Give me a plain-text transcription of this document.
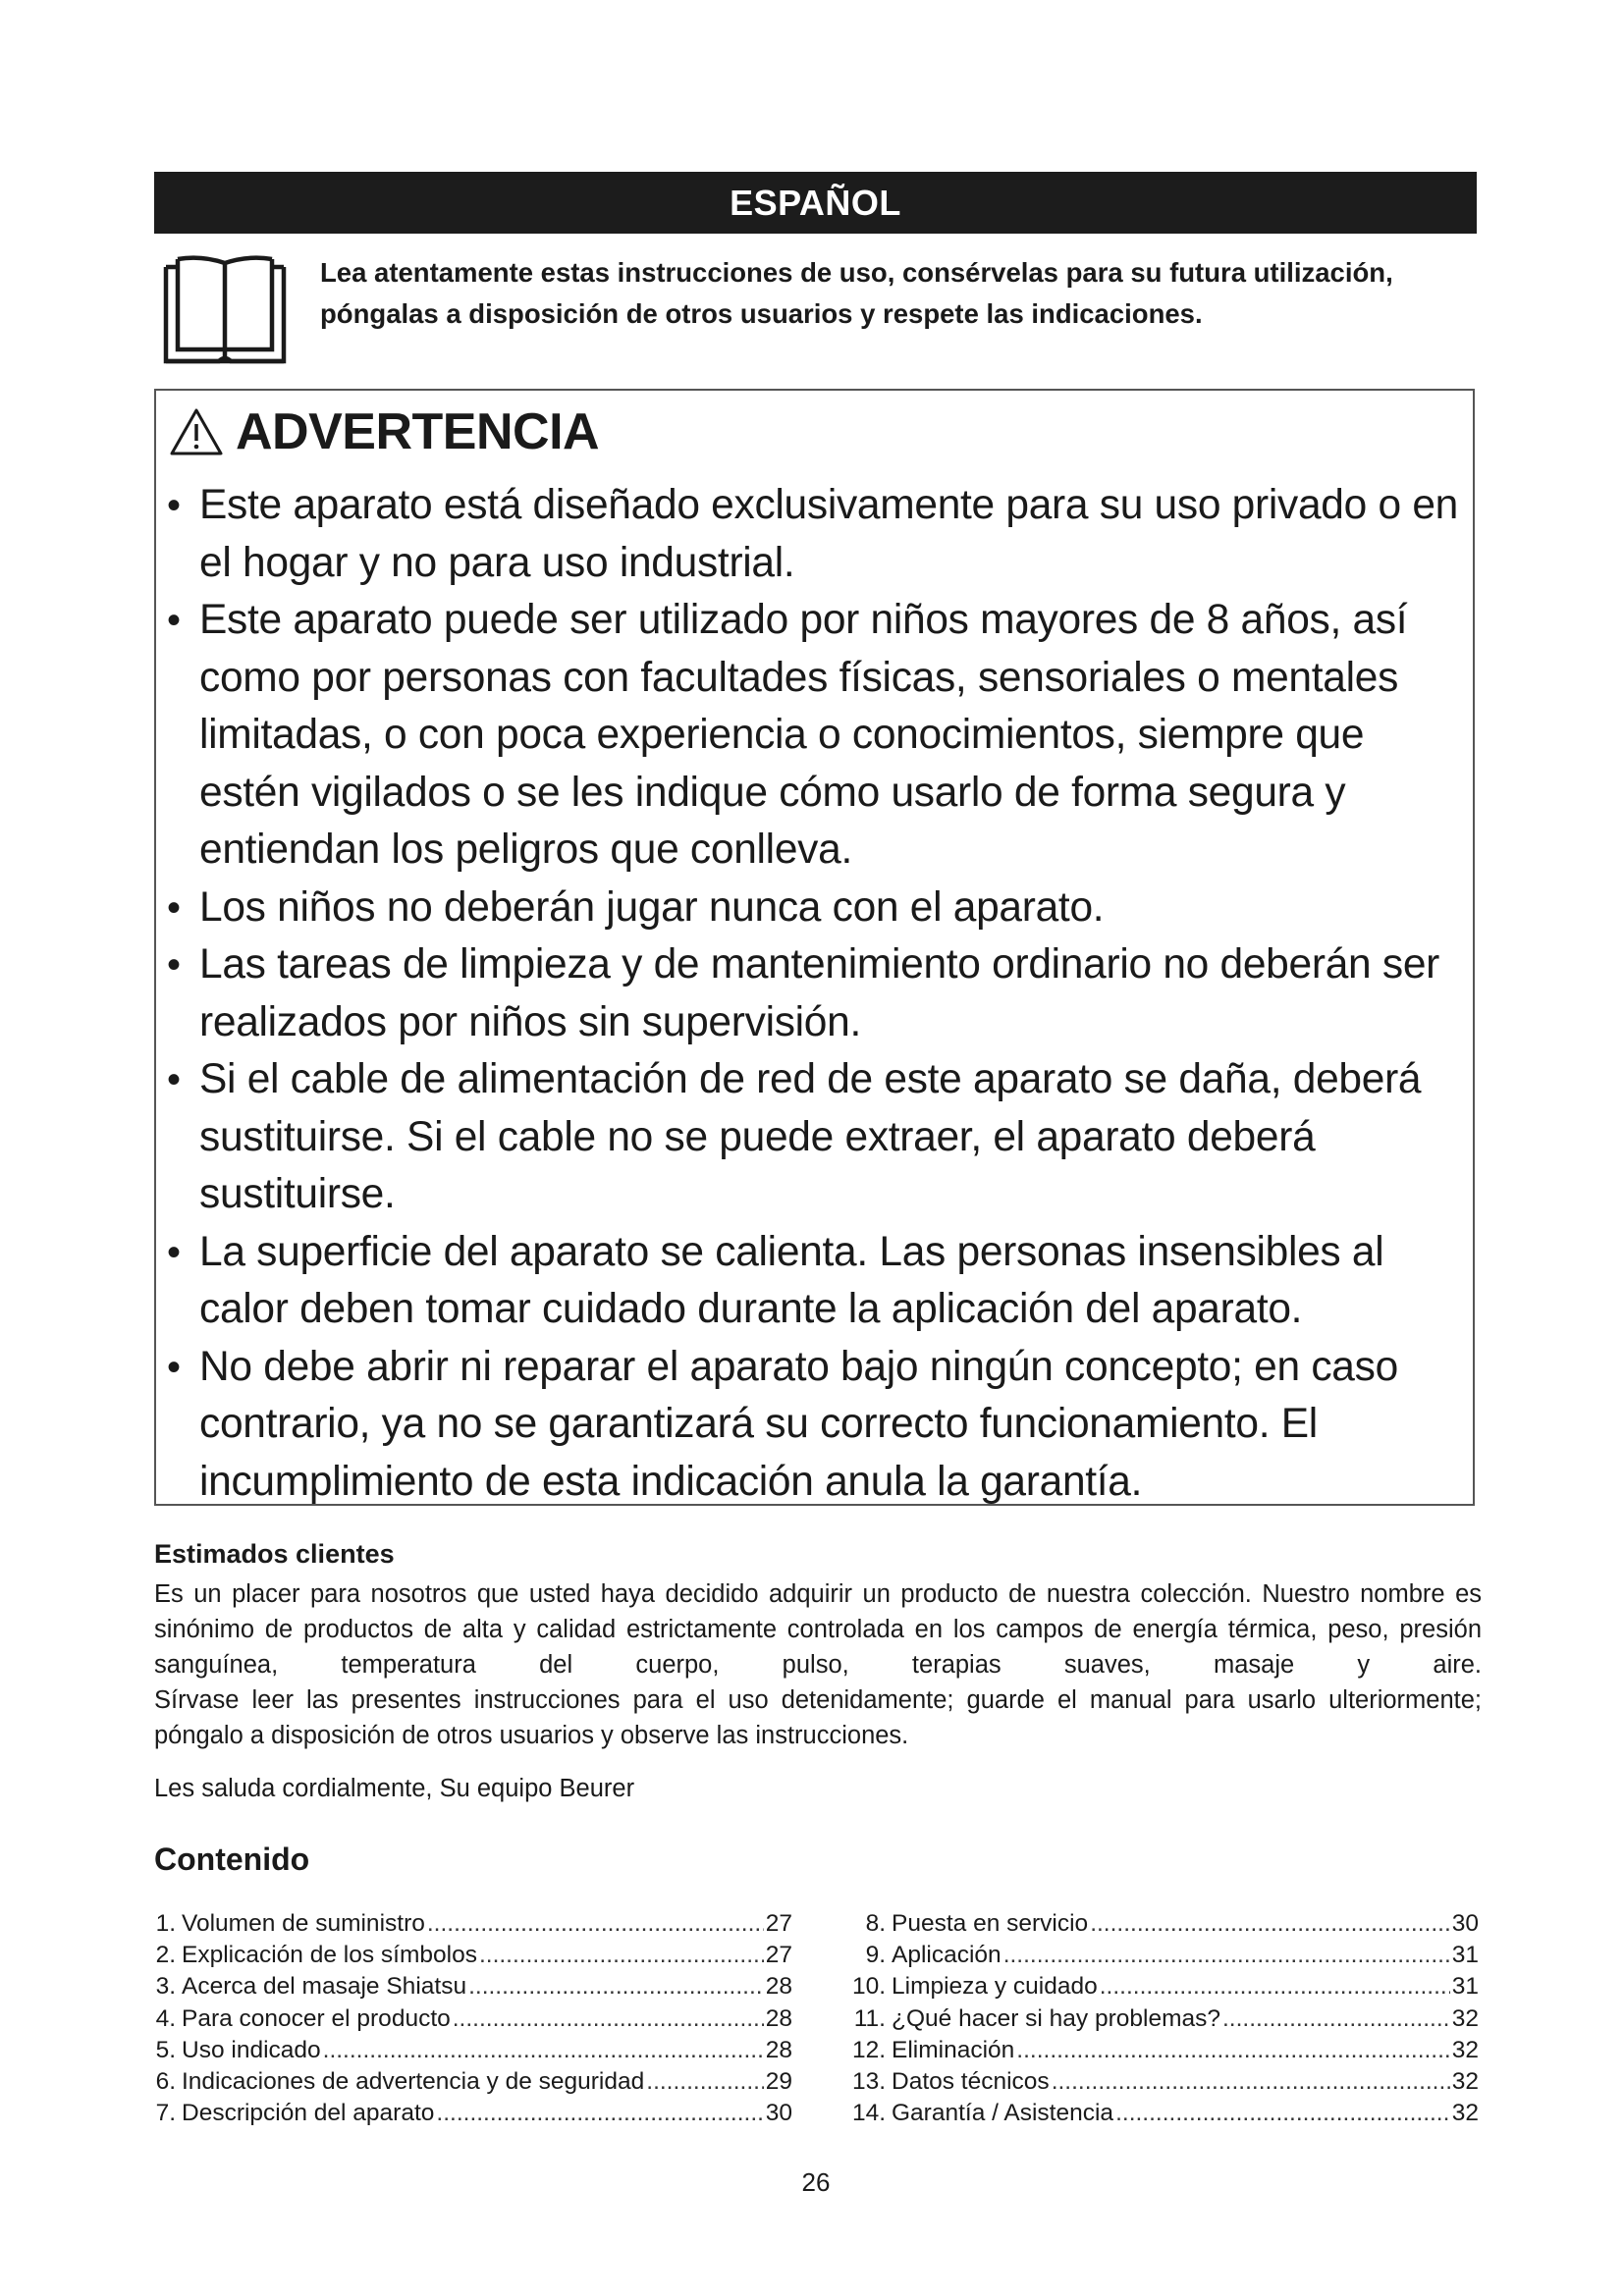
ESPAÑOL
Lea atentamente estas instrucciones de uso, consérvelas para su futura utilización,
póngalas a disposición de otros usuarios y respete las indicaciones.
ADVERTENCIA
• Este aparato está diseñado exclusivamente para su uso privado o en el hogar y no para uso industrial.
• Este aparato puede ser utilizado por niños mayores de 8 años, así como por personas con facultades físicas, sensoriales o mentales limitadas, o con poca experiencia o conocimientos, siempre que estén vigilados o se les indique cómo usarlo de forma segura y entiendan los peligros que conlleva.
• Los niños no deberán jugar nunca con el aparato.
• Las tareas de limpieza y de mantenimiento ordinario no deberán ser realizados por niños sin supervisión.
• Si el cable de alimentación de red de este aparato se daña, deberá sustituirse. Si el cable no se puede extraer, el aparato deberá sustituirse.
• La superficie del aparato se calienta. Las personas insensibles al calor deben tomar cuidado durante la aplicación del aparato.
• No debe abrir ni reparar el aparato bajo ningún concepto; en caso contrario, ya no se garantizará su correcto funcionamiento. El incumplimiento de esta indicación anula la garantía.
Estimados clientes

Es un placer para nosotros que usted haya decidido adquirir un producto de nuestra colección. Nuestro nombre es sinónimo de productos de alta y calidad estrictamente controlada en los campos de energía térmica, peso, presión sanguínea, temperatura del cuerpo, pulso, terapias suaves, masaje y aire.

Sírvase leer las presentes instrucciones para el uso detenidamente; guarde el manual para usarlo ulteriormente; póngalo a disposición de otros usuarios y observe las instrucciones.

Les saluda cordialmente, Su equipo Beurer
Contenido
1. Volumen de suministro .....	27
2. Explicación de los símbolos .....	27
3. Acerca del masaje Shiatsu .....	28
4. Para conocer el producto .....	28
5. Uso indicado .....	28
6. Indicaciones de advertencia y de seguridad .....	29
7. Descripción del aparato .....	30
8. Puesta en servicio .....	30
9. Aplicación .....	31
10. Limpieza y cuidado .....	31
11. ¿Qué hacer si hay problemas? .....	32
12. Eliminación .....	32
13. Datos técnicos .....	32
14. Garantía / Asistencia .....	32
26
